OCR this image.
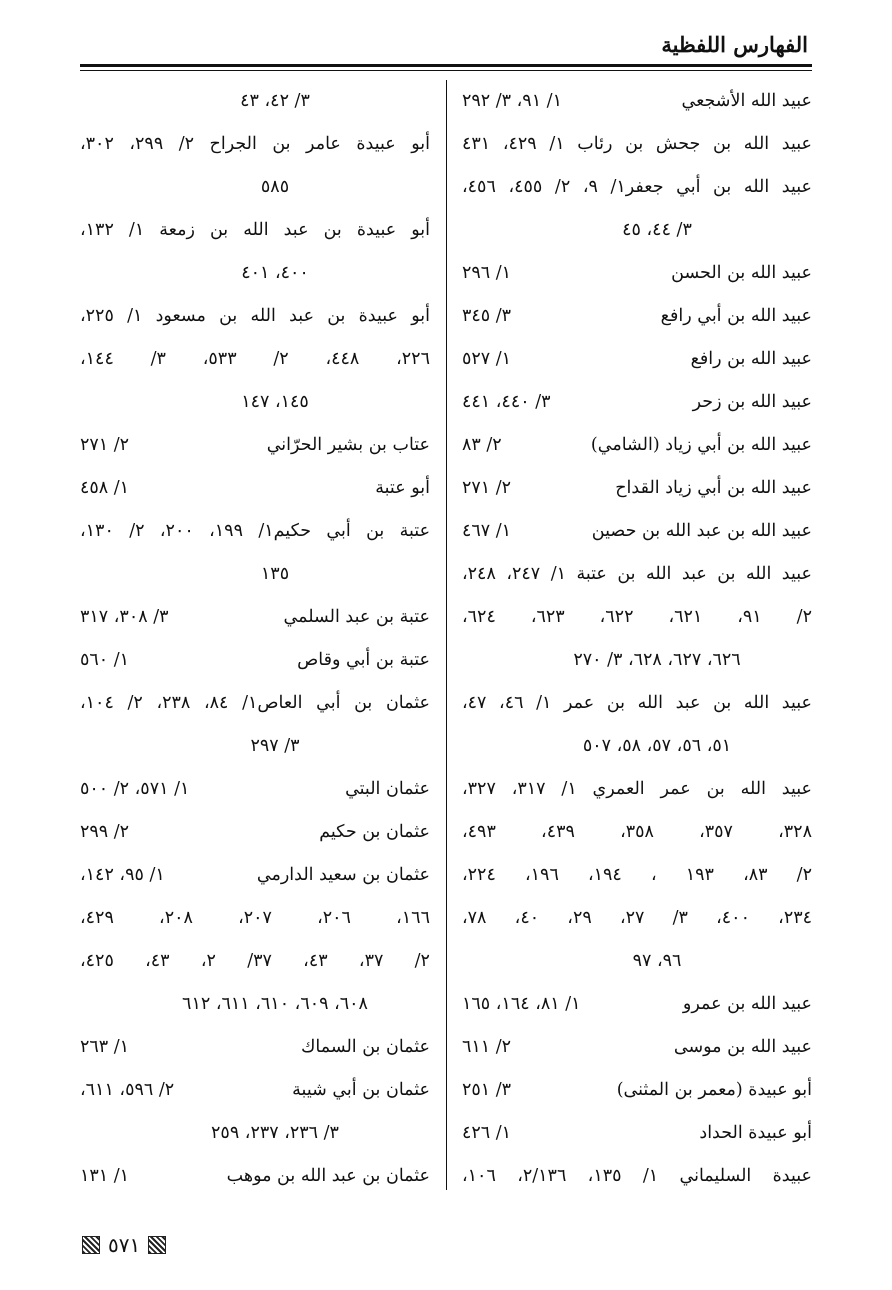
الفهارس اللفظية
عبيد الله الأشجعي
١/ ٩١، ٣/ ٢٩٢
عبيد الله بن جحش بن رئاب ١/ ٤٢٩، ٤٣١
عبيد الله بن أبي جعفر١/ ٩، ٢/ ٤٥٥، ٤٥٦،
٣/ ٤٤، ٤٥
عبيد الله بن الحسن
١/ ٢٩٦
عبيد الله بن أبي رافع
٣/ ٣٤٥
عبيد الله بن رافع
١/ ٥٢٧
عبيد الله بن زحر
٣/ ٤٤٠، ٤٤١
عبيد الله بن أبي زياد (الشامي)
٢/ ٨٣
عبيد الله بن أبي زياد القداح
٢/ ٢٧١
عبيد الله بن عبد الله بن حصين
١/ ٤٦٧
عبيد الله بن عبد الله بن عتبة ١/ ٢٤٧، ٢٤٨،
٢/ ٩١، ٦٢١، ٦٢٢، ٦٢٣، ٦٢٤،
٦٢٦، ٦٢٧، ٦٢٨، ٣/ ٢٧٠
عبيد الله بن عبد الله بن عمر ١/ ٤٦، ٤٧،
٥١، ٥٦، ٥٧، ٥٨، ٥٠٧
عبيد الله بن عمر العمري ١/ ٣١٧، ٣٢٧،
٣٢٨، ٣٥٧، ٣٥٨، ٤٣٩، ٤٩٣،
٢/ ٨٣، ١٩٣ ، ١٩٤، ١٩٦، ٢٢٤،
٢٣٤، ٤٠٠، ٣/ ٢٧، ٢٩، ٤٠، ٧٨،
٩٦، ٩٧
عبيد الله بن عمرو
١/ ٨١، ١٦٤، ١٦٥
عبيد الله بن موسى
٢/ ٦١١
أبو عبيدة (معمر بن المثنى)
٣/ ٢٥١
أبو عبيدة الحداد
١/ ٤٢٦
عبيدة السليماني ١/ ١٣٥، ٢/١٣٦، ١٠٦،
٣/ ٤٢، ٤٣
أبو عبيدة عامر بن الجراح ٢/ ٢٩٩، ٣٠٢،
٥٨٥
أبو عبيدة بن عبد الله بن زمعة ١/ ١٣٢،
٤٠٠، ٤٠١
أبو عبيدة بن عبد الله بن مسعود ١/ ٢٢٥،
٢٢٦، ٤٤٨، ٢/ ٥٣٣، ٣/ ١٤٤،
١٤٥، ١٤٧
عتاب بن بشير الحرّاني
٢/ ٢٧١
أبو عتبة
١/ ٤٥٨
عتبة بن أبي حكيم١/ ١٩٩، ٢٠٠، ٢/ ١٣٠،
١٣٥
عتبة بن عبد السلمي
٣/ ٣٠٨، ٣١٧
عتبة بن أبي وقاص
١/ ٥٦٠
عثمان بن أبي العاص١/ ٨٤، ٢٣٨، ٢/ ١٠٤،
٣/ ٢٩٧
عثمان البتي
١/ ٥٧١، ٢/ ٥٠٠
عثمان بن حكيم
٢/ ٢٩٩
عثمان بن سعيد الدارمي
١/ ٩٥، ١٤٢،
١٦٦، ٢٠٦، ٢٠٧، ٢٠٨، ٤٢٩،
٢/ ٣٧، ٤٣، ٣٧/ ٢، ٤٣، ٤٢٥،
٦٠٨، ٦٠٩، ٦١٠، ٦١١، ٦١٢
عثمان بن السماك
١/ ٢٦٣
عثمان بن أبي شيبة
٢/ ٥٩٦، ٦١١،
٣/ ٢٣٦، ٢٣٧، ٢٥٩
عثمان بن عبد الله بن موهب
١/ ١٣١
٥٧١
